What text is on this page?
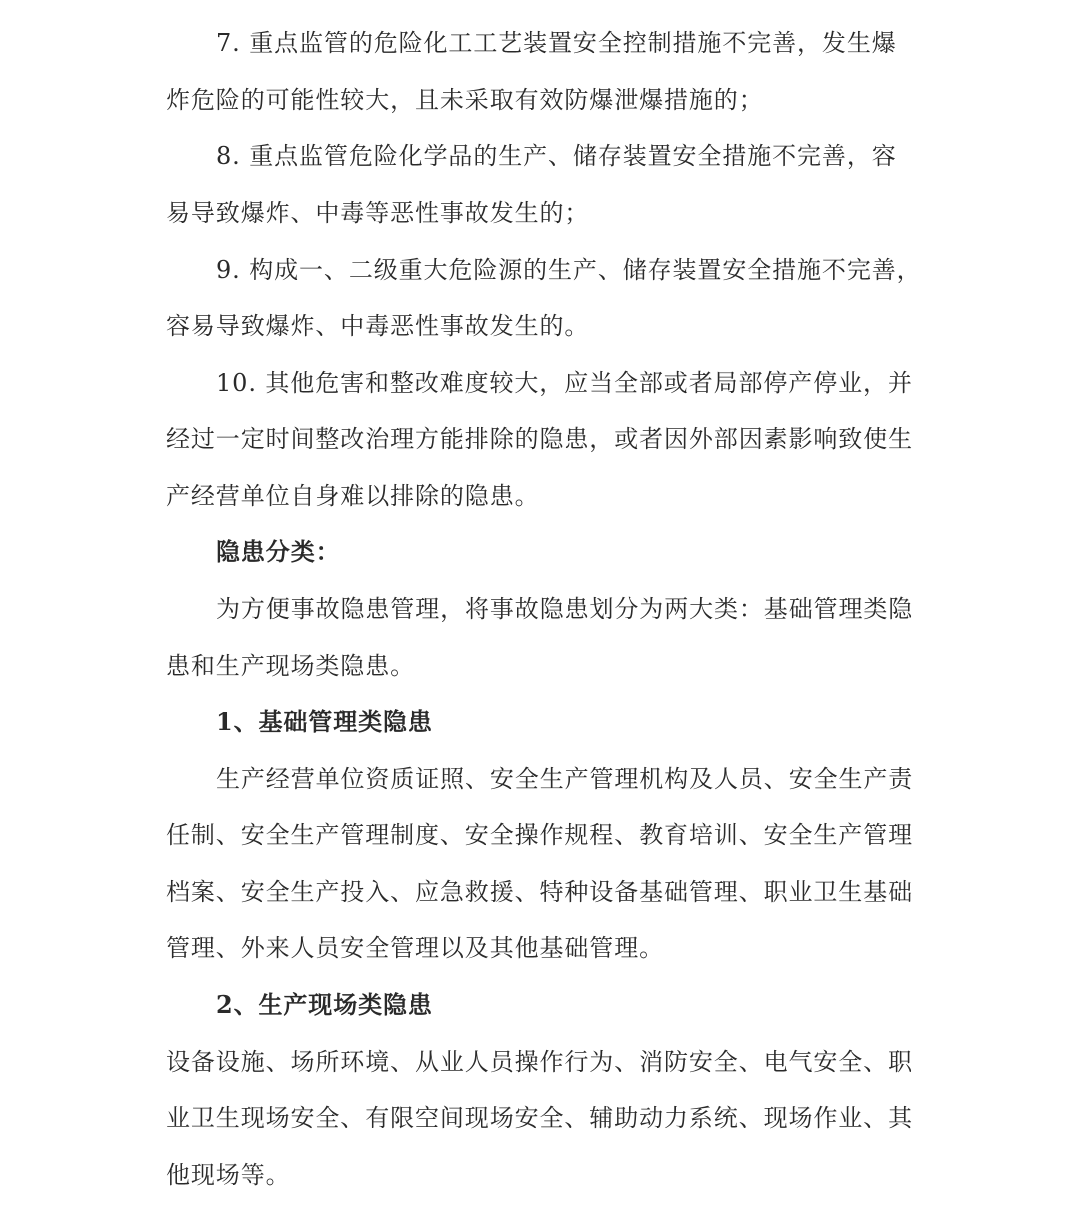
7. 重点监管的危险化工工艺装置安全控制措施不完善，发生爆
炸危险的可能性较大，且未采取有效防爆泄爆措施的；
8. 重点监管危险化学品的生产、储存装置安全措施不完善，容
易导致爆炸、中毒等恶性事故发生的；
9. 构成一、二级重大危险源的生产、储存装置安全措施不完善，
容易导致爆炸、中毒恶性事故发生的。
10. 其他危害和整改难度较大，应当全部或者局部停产停业，并
经过一定时间整改治理方能排除的隐患，或者因外部因素影响致使生
产经营单位自身难以排除的隐患。
隐患分类：
为方便事故隐患管理，将事故隐患划分为两大类：基础管理类隐
患和生产现场类隐患。
1、基础管理类隐患
生产经营单位资质证照、安全生产管理机构及人员、安全生产责
任制、安全生产管理制度、安全操作规程、教育培训、安全生产管理
档案、安全生产投入、应急救援、特种设备基础管理、职业卫生基础
管理、外来人员安全管理以及其他基础管理。
2、生产现场类隐患
设备设施、场所环境、从业人员操作行为、消防安全、电气安全、职
业卫生现场安全、有限空间现场安全、辅助动力系统、现场作业、其
他现场等。
